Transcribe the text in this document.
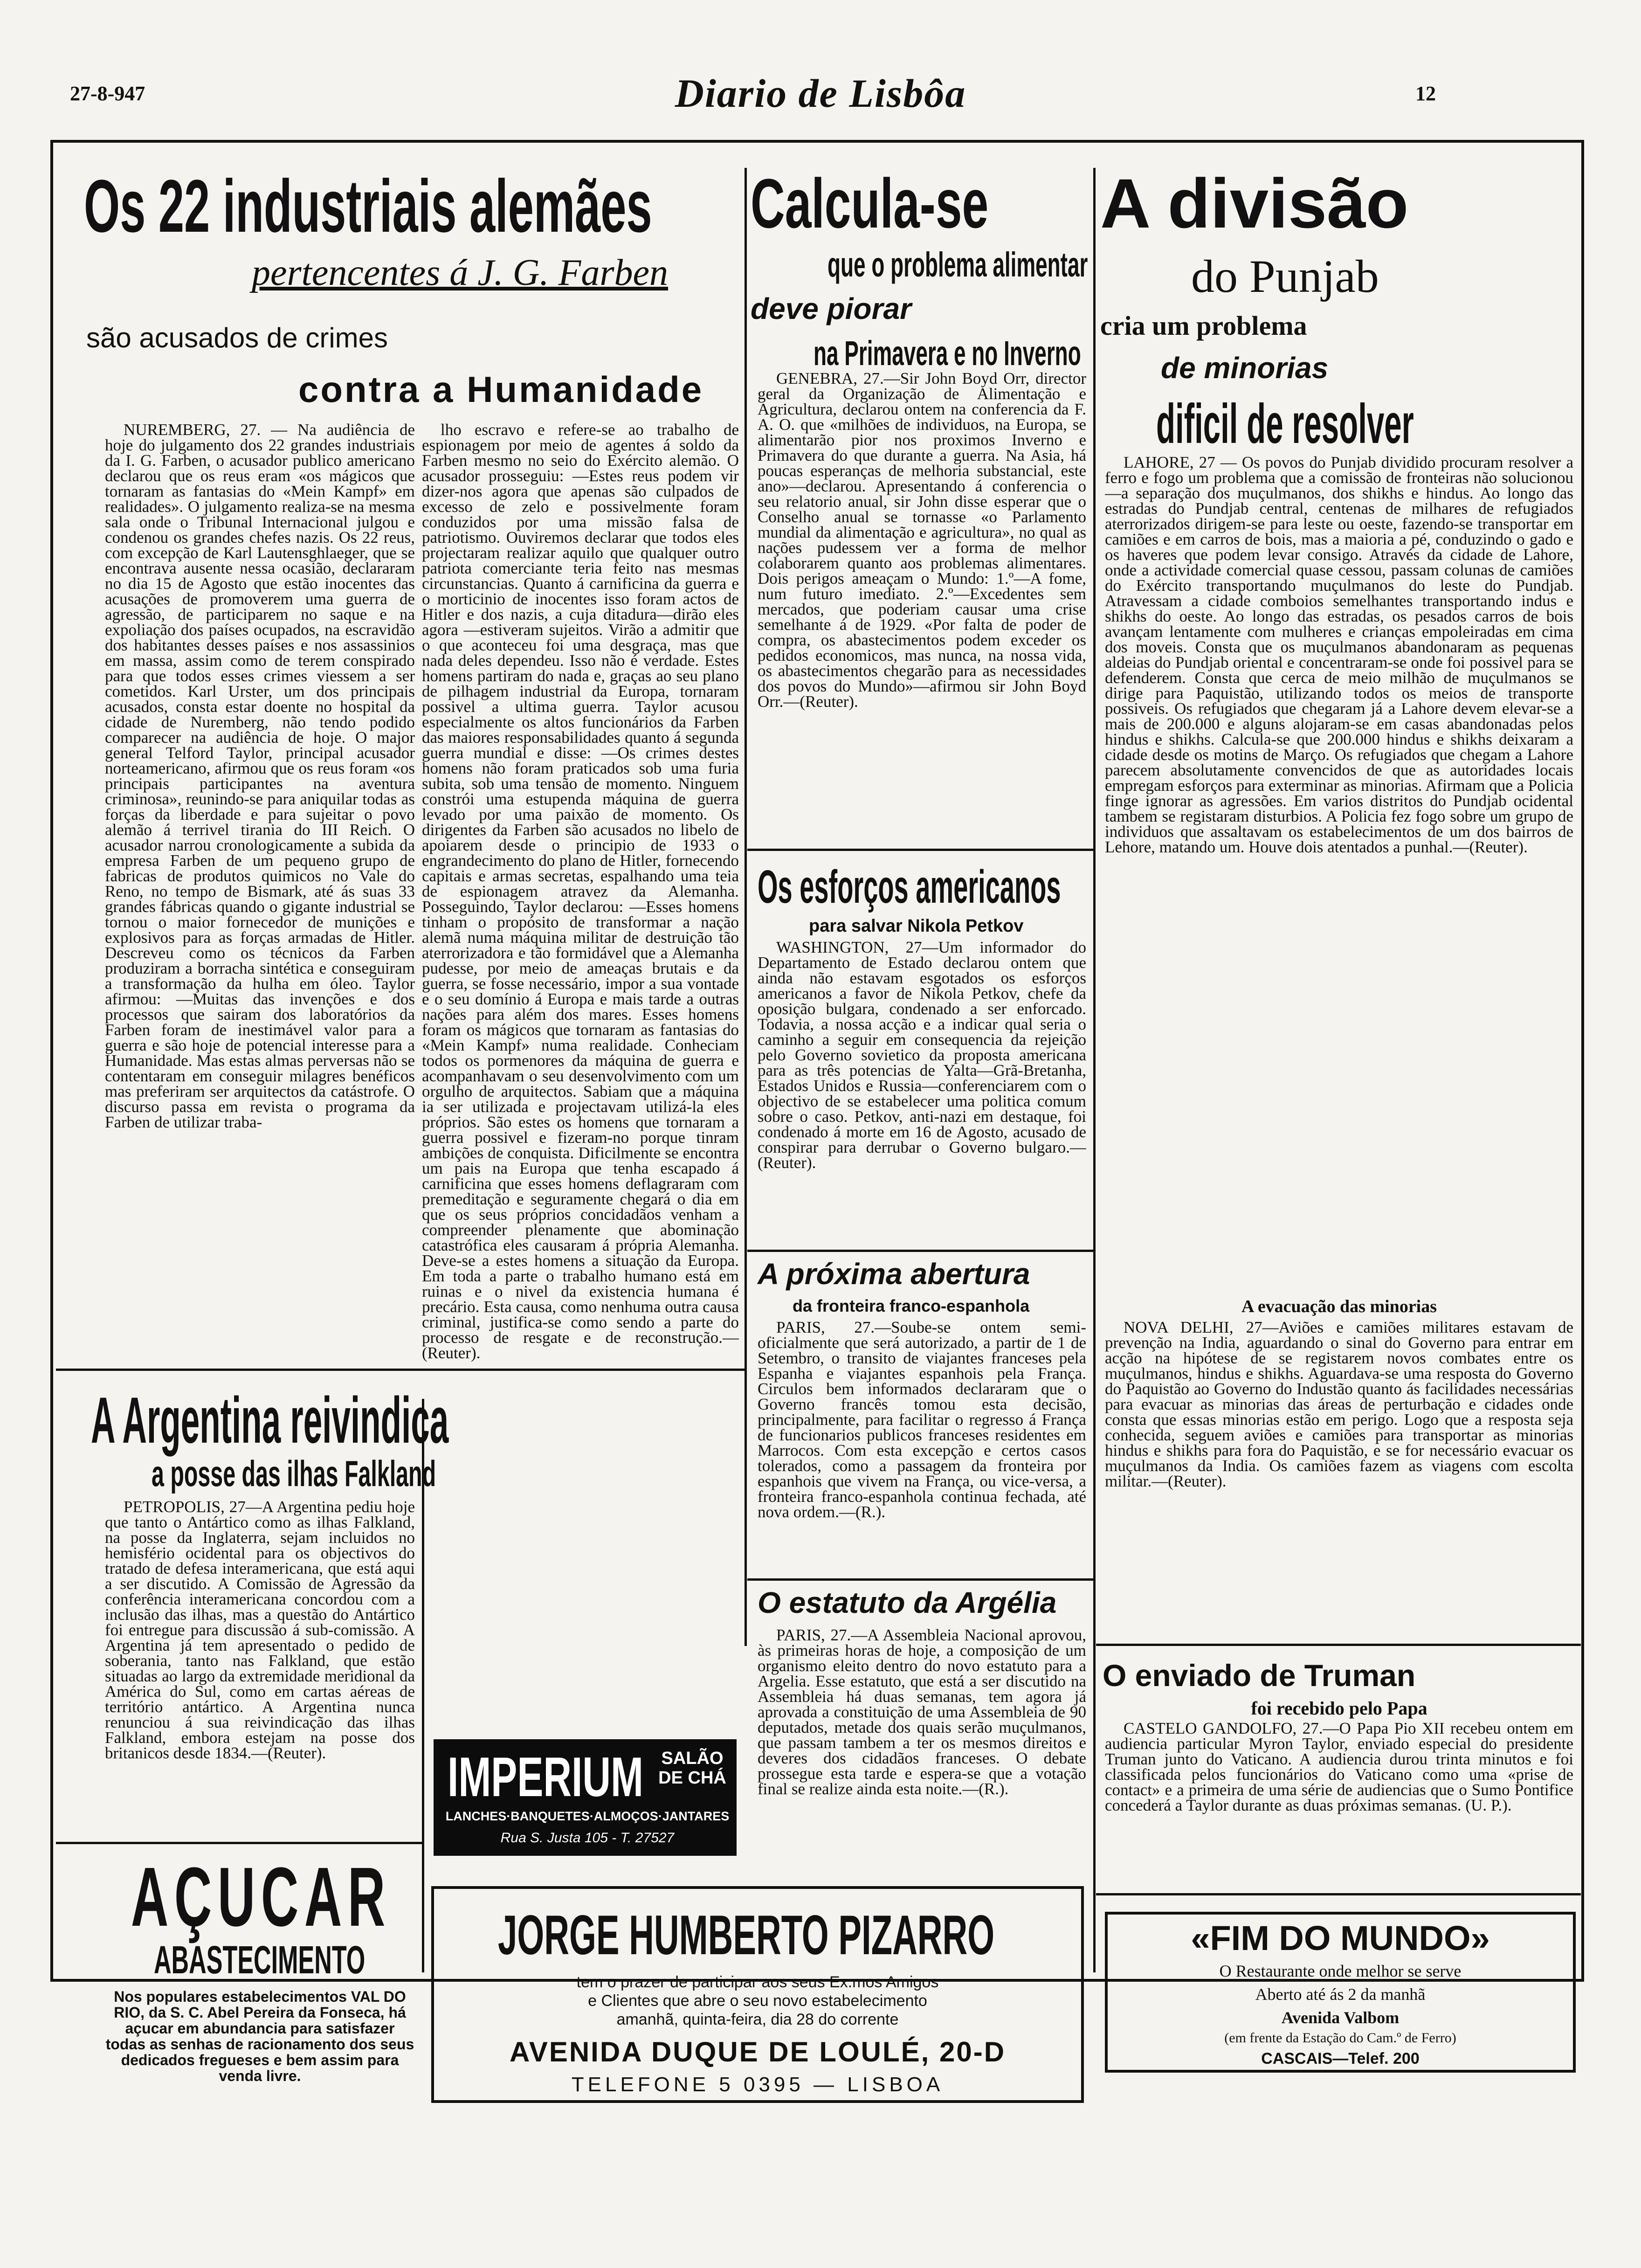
27-8-947	Diario de Lisbôa	12
Os 22 industriais alemães
pertencentes á J. G. Farben
são acusados de crimes
contra a Humanidade

NUREMBERG, 27. — Na audiência de hoje do julgamento dos 22 grandes industriais da I. G. Farben, o acusador publico americano declarou que os reus eram «os mágicos que tornaram as fantasias do «Mein Kampf» em realidades». O julgamento realiza-se na mesma sala onde o Tribunal Internacional julgou e condenou os grandes chefes nazis. Os 22 reus, com excepção de Karl Lautensghlaeger, que se encontrava ausente nessa ocasião, declararam no dia 15 de Agosto que estão inocentes das acusações de promoverem uma guerra de agressão, de participarem no saque e na expoliação dos países ocupados, na escravidão dos habitantes desses países e nos assassinios em massa, assim como de terem conspirado para que todos esses crimes viessem a ser cometidos. Karl Urster, um dos principais acusados, consta estar doente no hospital da cidade de Nuremberg, não tendo podido comparecer na audiência de hoje. O major general Telford Taylor, principal acusador norteamericano, afirmou que os reus foram «os principais participantes na aventura criminosa», reunindo-se para aniquilar todas as forças da liberdade e para sujeitar o povo alemão á terrivel tirania do III Reich. O acusador narrou cronologicamente a subida da empresa Farben de um pequeno grupo de fabricas de produtos quimicos no Vale do Reno, no tempo de Bismark, até ás suas 33 grandes fábricas quando o gigante industrial se tornou o maior fornecedor de munições e explosivos para as forças armadas de Hitler. Descreveu como os técnicos da Farben produziram a borracha sintética e conseguiram a transformação da hulha em óleo. Taylor afirmou: —Muitas das invenções e dos processos que sairam dos laboratórios da Farben foram de inestimável valor para a guerra e são hoje de potencial interesse para a Humanidade. Mas estas almas perversas não se contentaram em conseguir milagres benéficos mas preferiram ser arquitectos da catástrofe. O discurso passa em revista o programa da Farben de utilizar traba-

lho escravo e refere-se ao trabalho de espionagem por meio de agentes á soldo da Farben mesmo no seio do Exército alemão. O acusador prosseguiu: —Estes reus podem vir dizer-nos agora que apenas são culpados de excesso de zelo e possivelmente foram conduzidos por uma missão falsa de patriotismo. Ouviremos declarar que todos eles projectaram realizar aquilo que qualquer outro patriota comerciante teria feito nas mesmas circunstancias. Quanto á carnificina da guerra e o morticinio de inocentes isso foram actos de Hitler e dos nazis, a cuja ditadura—dirão eles agora —estiveram sujeitos. Virão a admitir que o que aconteceu foi uma desgraça, mas que nada deles dependeu. Isso não é verdade. Estes homens partiram do nada e, graças ao seu plano de pilhagem industrial da Europa, tornaram possivel a ultima guerra. Taylor acusou especialmente os altos funcionários da Farben das maiores responsabilidades quanto á segunda guerra mundial e disse: —Os crimes destes homens não foram praticados sob uma furia subita, sob uma tensão de momento. Ninguem constrói uma estupenda máquina de guerra levado por uma paixão de momento. Os dirigentes da Farben são acusados no libelo de apoiarem desde o principio de 1933 o engrandecimento do plano de Hitler, fornecendo capitais e armas secretas, espalhando uma teia de espionagem atravez da Alemanha. Posseguindo, Taylor declarou: —Esses homens tinham o propósito de transformar a nação alemã numa máquina militar de destruição tão aterrorizadora e tão formidável que a Alemanha pudesse, por meio de ameaças brutais e da guerra, se fosse necessário, impor a sua vontade e o seu domínio á Europa e mais tarde a outras nações para além dos mares. Esses homens foram os mágicos que tornaram as fantasias do «Mein Kampf» numa realidade. Conheciam todos os pormenores da máquina de guerra e acompanhavam o seu desenvolvimento com um orgulho de arquitectos. Sabiam que a máquina ia ser utilizada e projectavam utilizá-la eles próprios. São estes os homens que tornaram a guerra possivel e fizeram-no porque tinram ambições de conquista. Dificilmente se encontra um pais na Europa que tenha escapado á carnificina que esses homens deflagraram com premeditação e seguramente chegará o dia em que os seus próprios concidadãos venham a compreender plenamente que abominação catastrófica eles causaram á própria Alemanha. Deve-se a estes homens a situação da Europa. Em toda a parte o trabalho humano está em ruinas e o nivel da existencia humana é precário. Esta causa, como nenhuma outra causa criminal, justifica-se como sendo a parte do processo de resgate e de reconstrução.—(Reuter).

A Argentina reivindica
a posse das ilhas Falkland

PETROPOLIS, 27—A Argentina pediu hoje que tanto o Antártico como as ilhas Falkland, na posse da Inglaterra, sejam incluidos no hemisfério ocidental para os objectivos do tratado de defesa interamericana, que está aqui a ser discutido. A Comissão de Agressão da conferência interamericana concordou com a inclusão das ilhas, mas a questão do Antártico foi entregue para discussão á sub-comissão. A Argentina já tem apresentado o pedido de soberania, tanto nas Falkland, que estão situadas ao largo da extremidade meridional da América do Sul, como em cartas aéreas de território antártico. A Argentina nunca renunciou á sua reivindicação das ilhas Falkland, embora estejam na posse dos britanicos desde 1834.—(Reuter).

AÇUCAR
ABASTECIMENTO
Nos populares estabelecimentos VAL DO RIO, da S. C. Abel Pereira da Fonseca, há açucar em abundancia para satisfazer todas as senhas de racionamento dos seus dedicados fregueses e bem assim para venda livre.
Calcula-se
que o problema alimentar
deve piorar
na Primavera e no Inverno

GENEBRA, 27.—Sir John Boyd Orr, director geral da Organização de Alimentação e Agricultura, declarou ontem na conferencia da F. A. O. que «milhões de individuos, na Europa, se alimentarão pior nos proximos Inverno e Primavera do que durante a guerra. Na Asia, há poucas esperanças de melhoria substancial, este ano»—declarou. Apresentando á conferencia o seu relatorio anual, sir John disse esperar que o Conselho anual se tornasse «o Parlamento mundial da alimentação e agricultura», no qual as nações pudessem ver a forma de melhor colaborarem quanto aos problemas alimentares. Dois perigos ameaçam o Mundo: 1.º—A fome, num futuro imediato. 2.º—Excedentes sem mercados, que poderiam causar uma crise semelhante á de 1929. «Por falta de poder de compra, os abastecimentos podem exceder os pedidos economicos, mas nunca, na nossa vida, os abastecimentos chegarão para as necessidades dos povos do Mundo»—afirmou sir John Boyd Orr.—(Reuter).

Os esforços americanos
para salvar Nikola Petkov

WASHINGTON, 27—Um informador do Departamento de Estado declarou ontem que ainda não estavam esgotados os esforços americanos a favor de Nikola Petkov, chefe da oposição bulgara, condenado a ser enforcado. Todavia, a nossa acção e a indicar qual seria o caminho a seguir em consequencia da rejeição pelo Governo sovietico da proposta americana para as três potencias de Yalta—Grã-Bretanha, Estados Unidos e Russia—conferenciarem com o objectivo de se estabelecer uma politica comum sobre o caso. Petkov, anti-nazi em destaque, foi condenado á morte em 16 de Agosto, acusado de conspirar para derrubar o Governo bulgaro.—(Reuter).

A próxima abertura
da fronteira franco-espanhola

PARIS, 27.—Soube-se ontem semi-oficialmente que será autorizado, a partir de 1 de Setembro, o transito de viajantes franceses pela Espanha e viajantes espanhois pela França. Circulos bem informados declararam que o Governo francês tomou esta decisão, principalmente, para facilitar o regresso á França de funcionarios publicos franceses residentes em Marrocos. Com esta excepção e certos casos tolerados, como a passagem da fronteira por espanhois que vivem na França, ou vice-versa, a fronteira franco-espanhola continua fechada, até nova ordem.—(R.).

O estatuto da Argélia

PARIS, 27.—A Assembleia Nacional aprovou, às primeiras horas de hoje, a composição de um organismo eleito dentro do novo estatuto para a Argelia. Esse estatuto, que está a ser discutido na Assembleia há duas semanas, tem agora já aprovada a constituição de uma Assembleia de 90 deputados, metade dos quais serão muçulmanos, que passam tambem a ter os mesmos direitos e deveres dos cidadãos franceses. O debate prossegue esta tarde e espera-se que a votação final se realize ainda esta noite.—(R.).

IMPERIUM	SALÃO DE CHÁ
LANCHES·BANQUETES·ALMOÇOS·JANTARES
Rua S. Justa 105 - T. 27527
JORGE HUMBERTO PIZARRO
tem o prazer de participar aos seus Ex.mos Amigos
e Clientes que abre o seu novo estabelecimento
amanhã, quinta-feira, dia 28 do corrente
AVENIDA DUQUE DE LOULÉ, 20-D
TELEFONE 5 0395 — LISBOA
A divisão
do Punjab
cria um problema
de minorias
dificil de resolver

LAHORE, 27 — Os povos do Punjab dividido procuram resolver a ferro e fogo um problema que a comissão de fronteiras não solucionou—a separação dos muçulmanos, dos shikhs e hindus. Ao longo das estradas do Pundjab central, centenas de milhares de refugiados aterrorizados dirigem-se para leste ou oeste, fazendo-se transportar em camiões e em carros de bois, mas a maioria a pé, conduzindo o gado e os haveres que podem levar consigo. Através da cidade de Lahore, onde a actividade comercial quase cessou, passam colunas de camiões do Exército transportando muçulmanos do leste do Pundjab. Atravessam a cidade comboios semelhantes transportando indus e shikhs do oeste. Ao longo das estradas, os pesados carros de bois avançam lentamente com mulheres e crianças empoleiradas em cima dos moveis. Consta que os muçulmanos abandonaram as pequenas aldeias do Pundjab oriental e concentraram-se onde foi possivel para se defenderem. Consta que cerca de meio milhão de muçulmanos se dirige para Paquistão, utilizando todos os meios de transporte possiveis. Os refugiados que chegaram já a Lahore devem elevar-se a mais de 200.000 e alguns alojaram-se em casas abandonadas pelos hindus e shikhs. Calcula-se que 200.000 hindus e shikhs deixaram a cidade desde os motins de Março. Os refugiados que chegam a Lahore parecem absolutamente convencidos de que as autoridades locais empregam esforços para exterminar as minorias. Afirmam que a Policia finge ignorar as agressões. Em varios distritos do Pundjab ocidental tambem se registaram disturbios. A Policia fez fogo sobre um grupo de individuos que assaltavam os estabelecimentos de um dos bairros de Lehore, matando um. Houve dois atentados a punhal.—(Reuter).

A evacuação das minorias

NOVA DELHI, 27—Aviões e camiões militares estavam de prevenção na India, aguardando o sinal do Governo para entrar em acção na hipótese de se registarem novos combates entre os muçulmanos, hindus e shikhs. Aguardava-se uma resposta do Governo do Paquistão ao Governo do Industão quanto ás facilidades necessárias para evacuar as minorias das áreas de perturbação e cidades onde consta que essas minorias estão em perigo. Logo que a resposta seja conhecida, seguem aviões e camiões para transportar as minorias hindus e shikhs para fora do Paquistão, e se for necessário evacuar os muçulmanos da India. Os camiões fazem as viagens com escolta militar.—(Reuter).

O enviado de Truman
foi recebido pelo Papa

CASTELO GANDOLFO, 27.—O Papa Pio XII recebeu ontem em audiencia particular Myron Taylor, enviado especial do presidente Truman junto do Vaticano. A audiencia durou trinta minutos e foi classificada pelos funcionários do Vaticano como uma «prise de contact» e a primeira de uma série de audiencias que o Sumo Pontifice concederá a Taylor durante as duas próximas semanas. (U. P.).

«FIM DO MUNDO»
O Restaurante onde melhor se serve
Aberto até ás 2 da manhã
Avenida Valbom
(em frente da Estação do Cam.º de Ferro)
CASCAIS—Telef. 200
